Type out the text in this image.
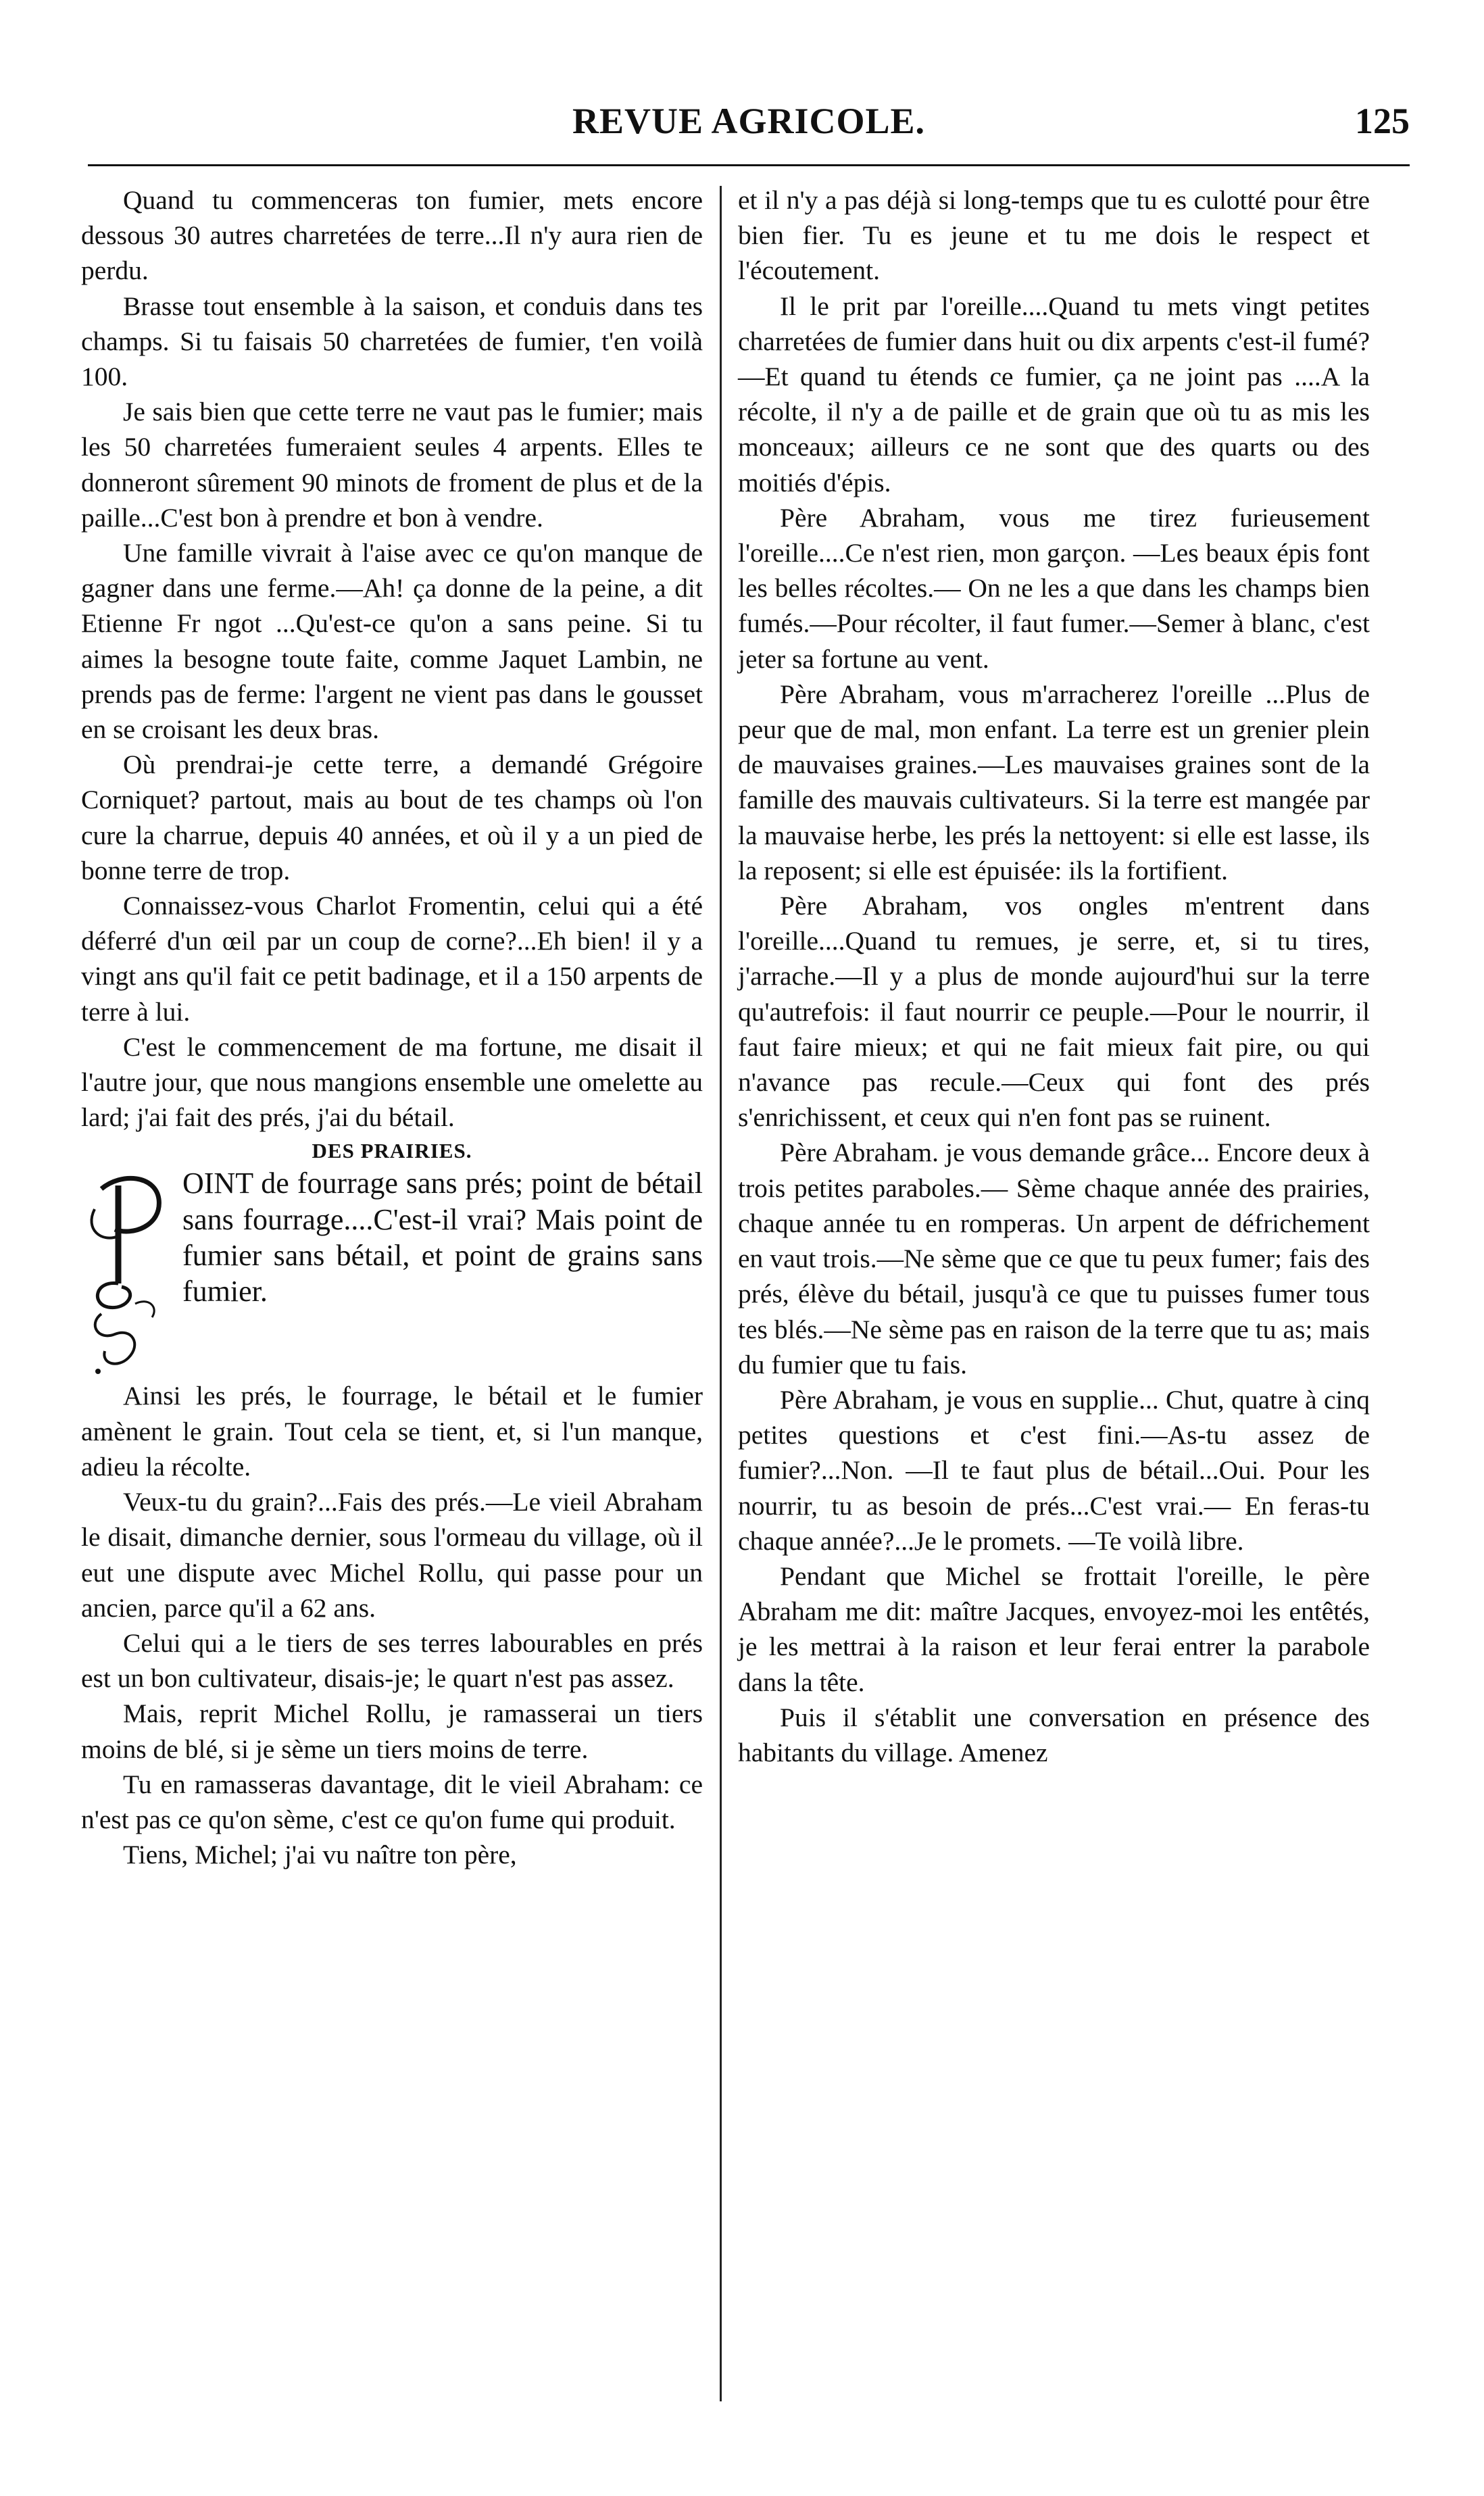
REVUE AGRICOLE.	125

Quand tu commenceras ton fumier, mets encore dessous 30 autres charretées de terre...Il n'y aura rien de perdu.

Brasse tout ensemble à la saison, et conduis dans tes champs. Si tu faisais 50 charretées de fumier, t'en voilà 100.

Je sais bien que cette terre ne vaut pas le fumier; mais les 50 charretées fumeraient seules 4 arpents. Elles te donneront sûrement 90 minots de froment de plus et de la paille...C'est bon à prendre et bon à vendre.

Une famille vivrait à l'aise avec ce qu'on manque de gagner dans une ferme.—Ah! ça donne de la peine, a dit Etienne Fr ngot ...Qu'est-ce qu'on a sans peine. Si tu aimes la besogne toute faite, comme Jaquet Lambin, ne prends pas de ferme: l'argent ne vient pas dans le gousset en se croisant les deux bras.

Où prendrai-je cette terre, a demandé Grégoire Corniquet? partout, mais au bout de tes champs où l'on cure la charrue, depuis 40 années, et où il y a un pied de bonne terre de trop.

Connaissez-vous Charlot Fromentin, celui qui a été déferré d'un œil par un coup de corne?...Eh bien! il y a vingt ans qu'il fait ce petit badinage, et il a 150 arpents de terre à lui.

C'est le commencement de ma fortune, me disait il l'autre jour, que nous mangions ensemble une omelette au lard; j'ai fait des prés, j'ai du bétail.

DES PRAIRIES.
OINT de fourrage sans prés; point de bétail sans fourrage....C'est-il vrai? Mais point de fumier sans bétail, et point de grains sans fumier.

Ainsi les prés, le fourrage, le bétail et le fumier amènent le grain. Tout cela se tient, et, si l'un manque, adieu la récolte.

Veux-tu du grain?...Fais des prés.—Le vieil Abraham le disait, dimanche dernier, sous l'ormeau du village, où il eut une dispute avec Michel Rollu, qui passe pour un ancien, parce qu'il a 62 ans.

Celui qui a le tiers de ses terres labourables en prés est un bon cultivateur, disais-je; le quart n'est pas assez.

Mais, reprit Michel Rollu, je ramasserai un tiers moins de blé, si je sème un tiers moins de terre.

Tu en ramasseras davantage, dit le vieil Abraham: ce n'est pas ce qu'on sème, c'est ce qu'on fume qui produit.

Tiens, Michel; j'ai vu naître ton père,

et il n'y a pas déjà si long-temps que tu es culotté pour être bien fier. Tu es jeune et tu me dois le respect et l'écoutement.

Il le prit par l'oreille....Quand tu mets vingt petites charretées de fumier dans huit ou dix arpents c'est-il fumé?—Et quand tu étends ce fumier, ça ne joint pas ....A la récolte, il n'y a de paille et de grain que où tu as mis les monceaux; ailleurs ce ne sont que des quarts ou des moitiés d'épis.

Père Abraham, vous me tirez furieusement l'oreille....Ce n'est rien, mon garçon. —Les beaux épis font les belles récoltes.— On ne les a que dans les champs bien fumés.—Pour récolter, il faut fumer.—Semer à blanc, c'est jeter sa fortune au vent.

Père Abraham, vous m'arracherez l'oreille ...Plus de peur que de mal, mon enfant. La terre est un grenier plein de mauvaises graines.—Les mauvaises graines sont de la famille des mauvais cultivateurs. Si la terre est mangée par la mauvaise herbe, les prés la nettoyent: si elle est lasse, ils la reposent; si elle est épuisée: ils la fortifient.

Père Abraham, vos ongles m'entrent dans l'oreille....Quand tu remues, je serre, et, si tu tires, j'arrache.—Il y a plus de monde aujourd'hui sur la terre qu'autrefois: il faut nourrir ce peuple.—Pour le nourrir, il faut faire mieux; et qui ne fait mieux fait pire, ou qui n'avance pas recule.—Ceux qui font des prés s'enrichissent, et ceux qui n'en font pas se ruinent.

Père Abraham. je vous demande grâce... Encore deux à trois petites paraboles.— Sème chaque année des prairies, chaque année tu en romperas. Un arpent de défrichement en vaut trois.—Ne sème que ce que tu peux fumer; fais des prés, élève du bétail, jusqu'à ce que tu puisses fumer tous tes blés.—Ne sème pas en raison de la terre que tu as; mais du fumier que tu fais.

Père Abraham, je vous en supplie... Chut, quatre à cinq petites questions et c'est fini.—As-tu assez de fumier?...Non. —Il te faut plus de bétail...Oui. Pour les nourrir, tu as besoin de prés...C'est vrai.— En feras-tu chaque année?...Je le promets. —Te voilà libre.

Pendant que Michel se frottait l'oreille, le père Abraham me dit: maître Jacques, envoyez-moi les entêtés, je les mettrai à la raison et leur ferai entrer la parabole dans la tête.

Puis il s'établit une conversation en présence des habitants du village. Amenez
